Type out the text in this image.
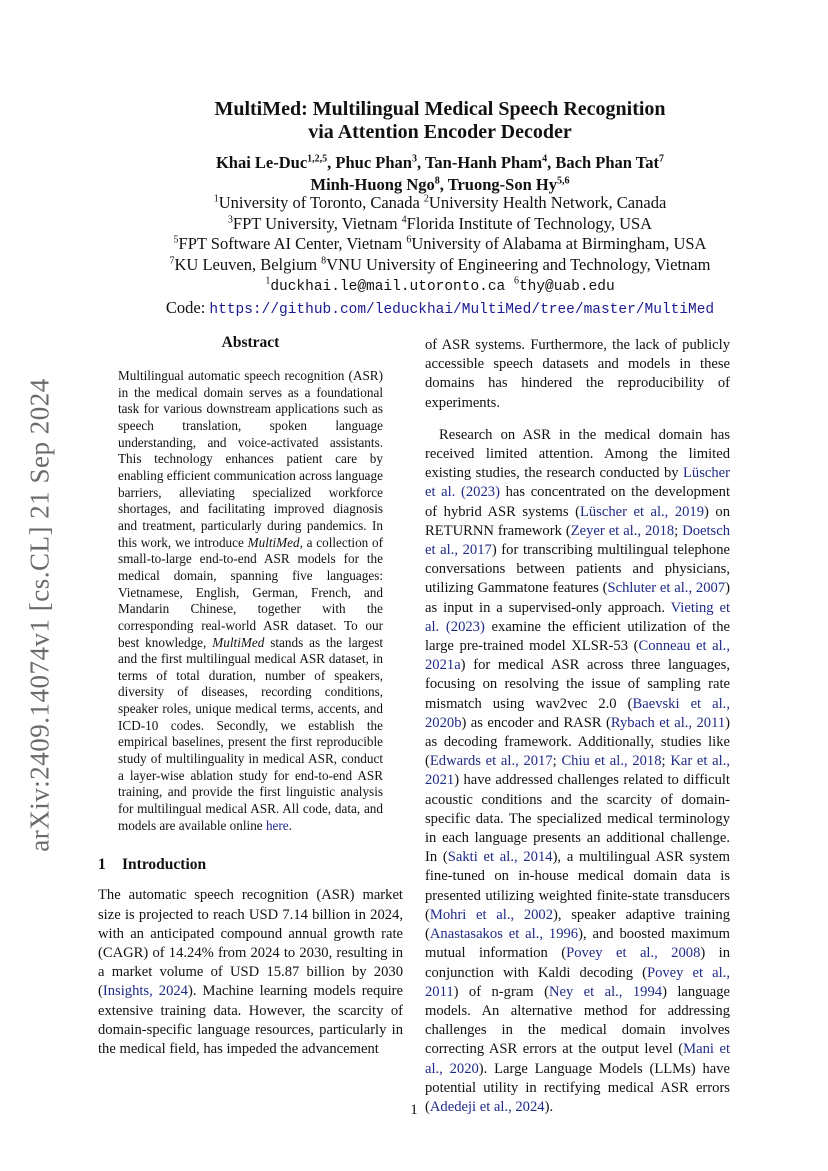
arXiv:2409.14074v1 [cs.CL] 21 Sep 2024
MultiMed: Multilingual Medical Speech Recognition
via Attention Encoder Decoder
Khai Le-Duc$^{1,2,5}$, Phuc Phan$^3$, Tan-Hanh Pham$^4$, Bach Phan Tat$^7$
Minh-Huong Ngo$^8$, Truong-Son Hy$^{5,6}$
$^1$University of Toronto, Canada $^2$University Health Network, Canada
$^3$FPT University, Vietnam $^4$Florida Institute of Technology, USA
$^5$FPT Software AI Center, Vietnam $^6$University of Alabama at Birmingham, USA
$^7$KU Leuven, Belgium $^8$VNU University of Engineering and Technology, Vietnam
$^1$duckhai.le@mail.utoronto.ca $^6$thy@uab.edu
Code: https://github.com/leduckhai/MultiMed/tree/master/MultiMed
Abstract

Multilingual automatic speech recognition (ASR) in the medical domain serves as a foundational task for various downstream applications such as speech translation, spoken language understanding, and voice-activated assistants. This technology enhances patient care by enabling efficient communication across language barriers, alleviating specialized workforce shortages, and facilitating improved diagnosis and treatment, particularly during pandemics. In this work, we introduce MultiMed, a collection of small-to-large end-to-end ASR models for the medical domain, spanning five languages: Vietnamese, English, German, French, and Mandarin Chinese, together with the corresponding real-world ASR dataset. To our best knowledge, MultiMed stands as the largest and the first multilingual medical ASR dataset, in terms of total duration, number of speakers, diversity of diseases, recording conditions, speaker roles, unique medical terms, accents, and ICD-10 codes. Secondly, we establish the empirical baselines, present the first reproducible study of multilinguality in medical ASR, conduct a layer-wise ablation study for end-to-end ASR training, and provide the first linguistic analysis for multilingual medical ASR. All code, data, and models are available online here.

1 Introduction

The automatic speech recognition (ASR) market size is projected to reach USD 7.14 billion in 2024, with an anticipated compound annual growth rate (CAGR) of 14.24% from 2024 to 2030, resulting in a market volume of USD 15.87 billion by 2030 (Insights, 2024). Machine learning models require extensive training data. However, the scarcity of domain-specific language resources, particularly in the medical field, has impeded the advancement

of ASR systems. Furthermore, the lack of publicly accessible speech datasets and models in these domains has hindered the reproducibility of experiments.

Research on ASR in the medical domain has received limited attention. Among the limited existing studies, the research conducted by Lüscher et al. (2023) has concentrated on the development of hybrid ASR systems (Lüscher et al., 2019) on RETURNN framework (Zeyer et al., 2018; Doetsch et al., 2017) for transcribing multilingual telephone conversations between patients and physicians, utilizing Gammatone features (Schluter et al., 2007) as input in a supervised-only approach. Vieting et al. (2023) examine the efficient utilization of the large pre-trained model XLSR-53 (Conneau et al., 2021a) for medical ASR across three languages, focusing on resolving the issue of sampling rate mismatch using wav2vec 2.0 (Baevski et al., 2020b) as encoder and RASR (Rybach et al., 2011) as decoding framework. Additionally, studies like (Edwards et al., 2017; Chiu et al., 2018; Kar et al., 2021) have addressed challenges related to difficult acoustic conditions and the scarcity of domain-specific data. The specialized medical terminology in each language presents an additional challenge. In (Sakti et al., 2014), a multilingual ASR system fine-tuned on in-house medical domain data is presented utilizing weighted finite-state transducers (Mohri et al., 2002), speaker adaptive training (Anastasakos et al., 1996), and boosted maximum mutual information (Povey et al., 2008) in conjunction with Kaldi decoding (Povey et al., 2011) of n-gram (Ney et al., 1994) language models. An alternative method for addressing challenges in the medical domain involves correcting ASR errors at the output level (Mani et al., 2020). Large Language Models (LLMs) have potential utility in rectifying medical ASR errors (Adedeji et al., 2024).

1
